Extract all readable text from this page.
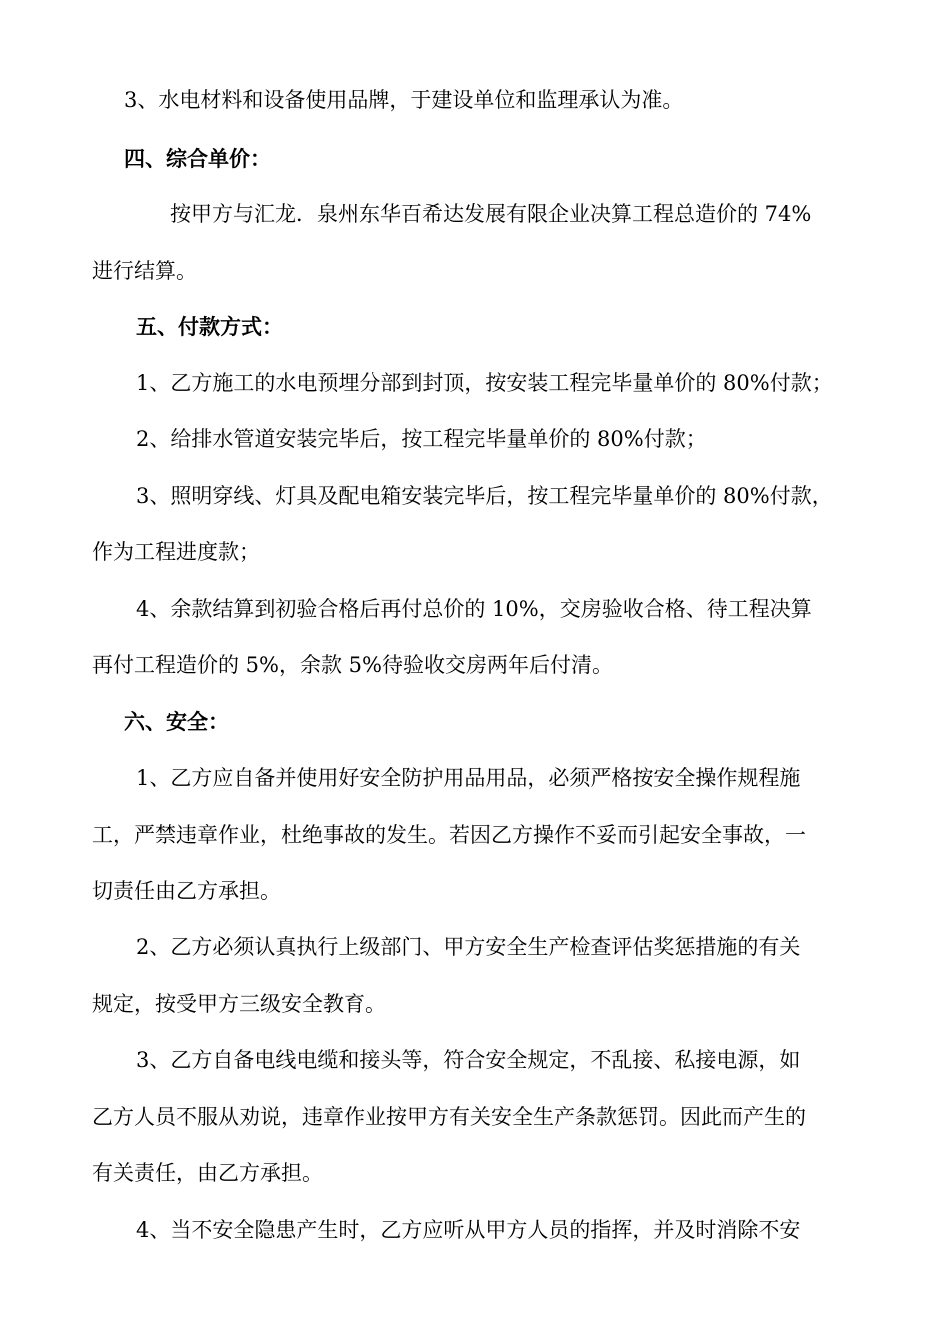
3、水电材料和设备使用品牌，于建设单位和监理承认为准。
四、综合单价：
按甲方与汇龙．泉州东华百希达发展有限企业决算工程总造价的 74%
进行结算。
五、付款方式：
1、乙方施工的水电预埋分部到封顶，按安装工程完毕量单价的 80%付款；
2、给排水管道安装完毕后，按工程完毕量单价的 80%付款；
3、照明穿线、灯具及配电箱安装完毕后，按工程完毕量单价的 80%付款，
作为工程进度款；
4、余款结算到初验合格后再付总价的 10%，交房验收合格、待工程决算
再付工程造价的 5%，余款 5%待验收交房两年后付清。
六、安全：
1、乙方应自备并使用好安全防护用品用品，必须严格按安全操作规程施
工，严禁违章作业，杜绝事故的发生。若因乙方操作不妥而引起安全事故，一
切责任由乙方承担。
2、乙方必须认真执行上级部门、甲方安全生产检查评估奖惩措施的有关
规定，按受甲方三级安全教育。
3、乙方自备电线电缆和接头等，符合安全规定，不乱接、私接电源，如
乙方人员不服从劝说，违章作业按甲方有关安全生产条款惩罚。因此而产生的
有关责任，由乙方承担。
4、当不安全隐患产生时，乙方应听从甲方人员的指挥，并及时消除不安
